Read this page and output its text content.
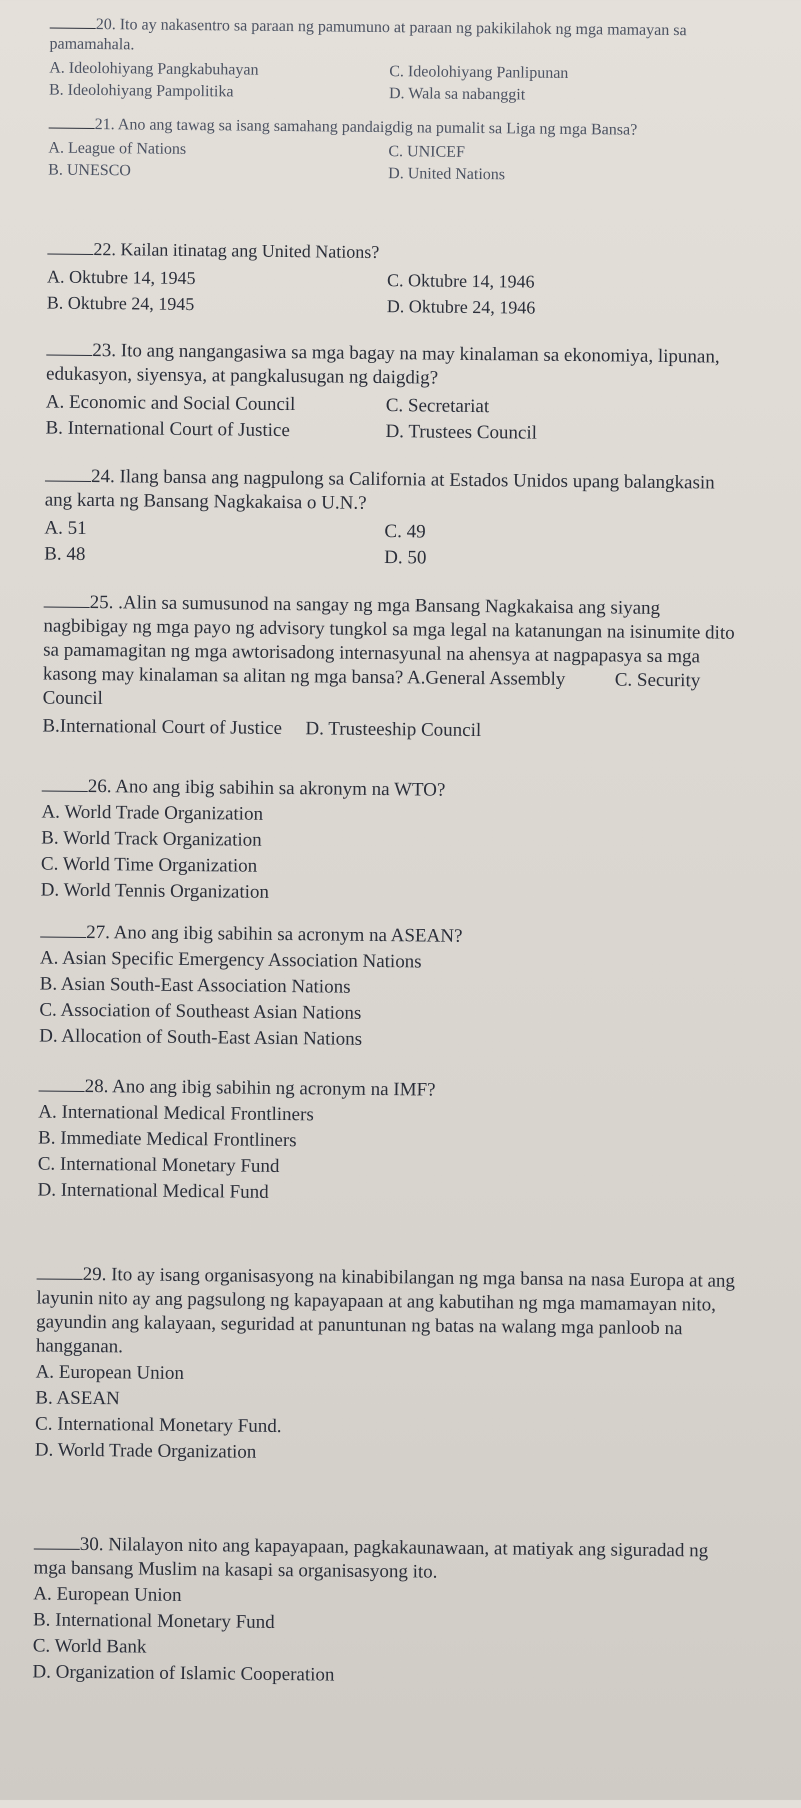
20. Ito ay nakasentro sa paraan ng pamumuno at paraan ng pakikilahok ng mga mamayan sa pamamahala.

A. Ideolohiyang Pangkabuhayan	C. Ideolohiyang Panlipunan

B. Ideolohiyang Pampolitika	D. Wala sa nabanggit

21. Ano ang tawag sa isang samahang pandaigdig na pumalit sa Liga ng mga Bansa?

A. League of Nations	C. UNICEF

B. UNESCO	D. United Nations

22. Kailan itinatag ang United Nations?

A. Oktubre 14, 1945	C. Oktubre 14, 1946

B. Oktubre 24, 1945	D. Oktubre 24, 1946

23. Ito ang nangangasiwa sa mga bagay na may kinalaman sa ekonomiya, lipunan, edukasyon, siyensya, at pangkalusugan ng daigdig?

A. Economic and Social Council	C. Secretariat

B. International Court of Justice	D. Trustees Council

24. Ilang bansa ang nagpulong sa California at Estados Unidos upang balangkasin ang karta ng Bansang Nagkakaisa o U.N.?

A. 51	C. 49

B. 48	D. 50

25. .Alin sa sumusunod na sangay ng mga Bansang Nagkakaisa ang siyang nagbibigay ng mga payo ng advisory tungkol sa mga legal na katanungan na isinumite dito sa pamamagitan ng mga awtorisadong internasyunal na ahensya at nagpapasya sa mga kasong may kinalaman sa alitan ng mga bansa? A.General Assembly	C. Security Council

B.International Court of Justice D. Trusteeship Council

26. Ano ang ibig sabihin sa akronym na WTO?

A. World Trade Organization

B. World Track Organization

C. World Time Organization

D. World Tennis Organization

27. Ano ang ibig sabihin sa acronym na ASEAN?

A. Asian Specific Emergency Association Nations

B. Asian South-East Association Nations

C. Association of Southeast Asian Nations

D. Allocation of South-East Asian Nations

28. Ano ang ibig sabihin ng acronym na IMF?

A. International Medical Frontliners

B. Immediate Medical Frontliners

C. International Monetary Fund

D. International Medical Fund

29. Ito ay isang organisasyong na kinabibilangan ng mga bansa na nasa Europa at ang layunin nito ay ang pagsulong ng kapayapaan at ang kabutihan ng mga mamamayan nito, gayundin ang kalayaan, seguridad at panuntunan ng batas na walang mga panloob na hangganan.

A. European Union

B. ASEAN

C. International Monetary Fund.

D. World Trade Organization

30. Nilalayon nito ang kapayapaan, pagkakaunawaan, at matiyak ang siguradad ng mga bansang Muslim na kasapi sa organisasyong ito.

A. European Union

B. International Monetary Fund

C. World Bank

D. Organization of Islamic Cooperation
